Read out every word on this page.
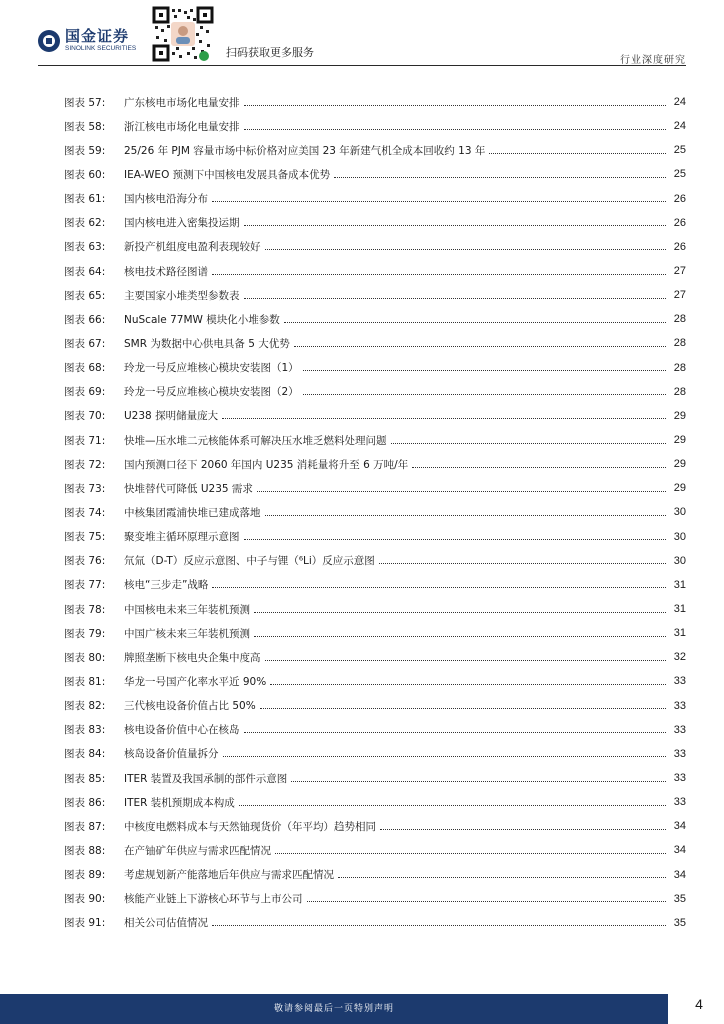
国金证券
SINOLINK SECURITIES	扫码获取更多服务
行业深度研究
图表 57:	广东核电市场化电量安排	24
图表 58:	浙江核电市场化电量安排	24
图表 59:	25/26 年 PJM 容量市场中标价格对应美国 23 年新建气机全成本回收约 13 年	25
图表 60:	IEA-WEO 预测下中国核电发展具备成本优势	25
图表 61:	国内核电沿海分布	26
图表 62:	国内核电进入密集投运期	26
图表 63:	新投产机组度电盈利表现较好	26
图表 64:	核电技术路径图谱	27
图表 65:	主要国家小堆类型参数表	27
图表 66:	NuScale 77MW 模块化小堆参数	28
图表 67:	SMR 为数据中心供电具备 5 大优势	28
图表 68:	玲龙一号反应堆核心模块安装图（1）	28
图表 69:	玲龙一号反应堆核心模块安装图（2）	28
图表 70:	U238 探明储量庞大	29
图表 71:	快堆—压水堆二元核能体系可解决压水堆乏燃料处理问题	29
图表 72:	国内预测口径下 2060 年国内 U235 消耗量将升至 6 万吨/年	29
图表 73:	快堆替代可降低 U235 需求	29
图表 74:	中核集团霞浦快堆已建成落地	30
图表 75:	聚变堆主循环原理示意图	30
图表 76:	氘氚（D-T）反应示意图、中子与锂（⁶Li）反应示意图	30
图表 77:	核电“三步走”战略	31
图表 78:	中国核电未来三年装机预测	31
图表 79:	中国广核未来三年装机预测	31
图表 80:	牌照垄断下核电央企集中度高	32
图表 81:	华龙一号国产化率水平近 90%	33
图表 82:	三代核电设备价值占比 50%	33
图表 83:	核电设备价值中心在核岛	33
图表 84:	核岛设备价值量拆分	33
图表 85:	ITER 装置及我国承制的部件示意图	33
图表 86:	ITER 装机预期成本构成	33
图表 87:	中核度电燃料成本与天然铀现货价（年平均）趋势相同	34
图表 88:	在产铀矿年供应与需求匹配情况	34
图表 89:	考虑规划新产能落地后年供应与需求匹配情况	34
图表 90:	核能产业链上下游核心环节与上市公司	35
图表 91:	相关公司估值情况	35
敬请参阅最后一页特别声明	4
